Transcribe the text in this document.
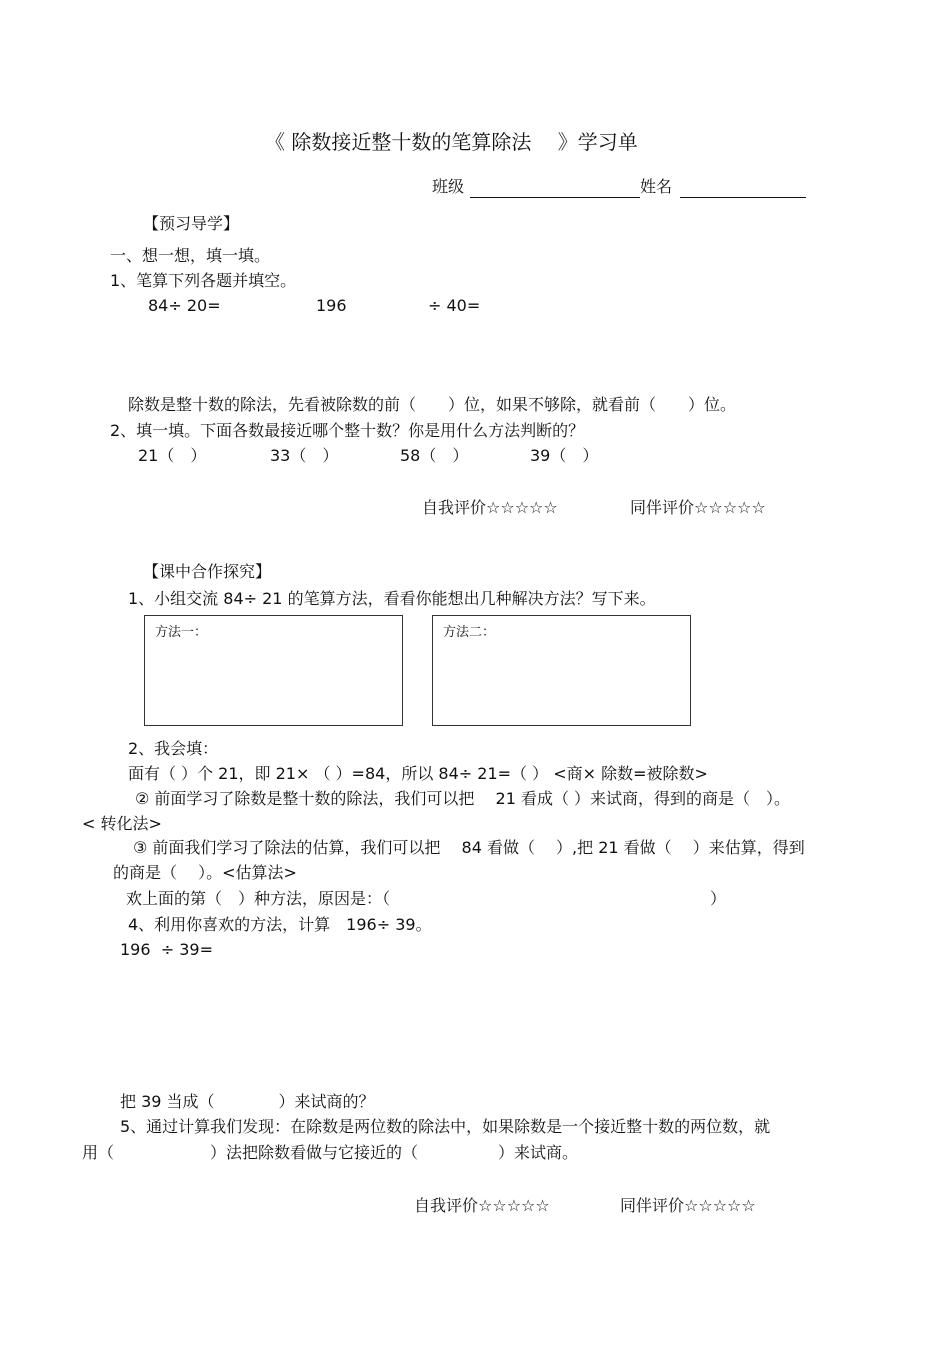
《 除数接近整十数的笔算除法 　》学习单
班级	姓名
【预习导学】
一、想一想，填一填。
1、笔算下列各题并填空。
84÷ 20=	196	÷ 40=
除数是整十数的除法，先看被除数的前（　　）位，如果不够除，就看前（　　）位。
2、填一填。下面各数最接近哪个整十数？你是用什么方法判断的？
21（　）	33（　）	58（　）	39（　）
自我评价☆☆☆☆☆	同伴评价☆☆☆☆☆
【课中合作探究】
1、小组交流 84÷ 21 的笔算方法，看看你能想出几种解决方法？写下来。
方法一：	方法二：
2、我会填：
面有（ ）个 21，即 21× （ ）=84，所以 84÷ 21=（ ） <商× 除数=被除数>
② 前面学习了除数是整十数的除法，我们可以把　 21 看成（ ）来试商，得到的商是（　）。
< 转化法>
③ 前面我们学习了除法的估算，我们可以把　 84 看做（　 ）,把 21 看做（　 ）来估算，得到
的商是（　 ）。<估算法>
欢上面的第（　）种方法，原因是：（　　　　　　　　　　　　　　　　　　　　）
4、利用你喜欢的方法，计算　196÷ 39。
196  ÷ 39=
把 39 当成（　　　　）来试商的？
5、通过计算我们发现：在除数是两位数的除法中，如果除数是一个接近整十数的两位数，就
用（　　　　　　）法把除数看做与它接近的（　　　　　）来试商。
自我评价☆☆☆☆☆	同伴评价☆☆☆☆☆
